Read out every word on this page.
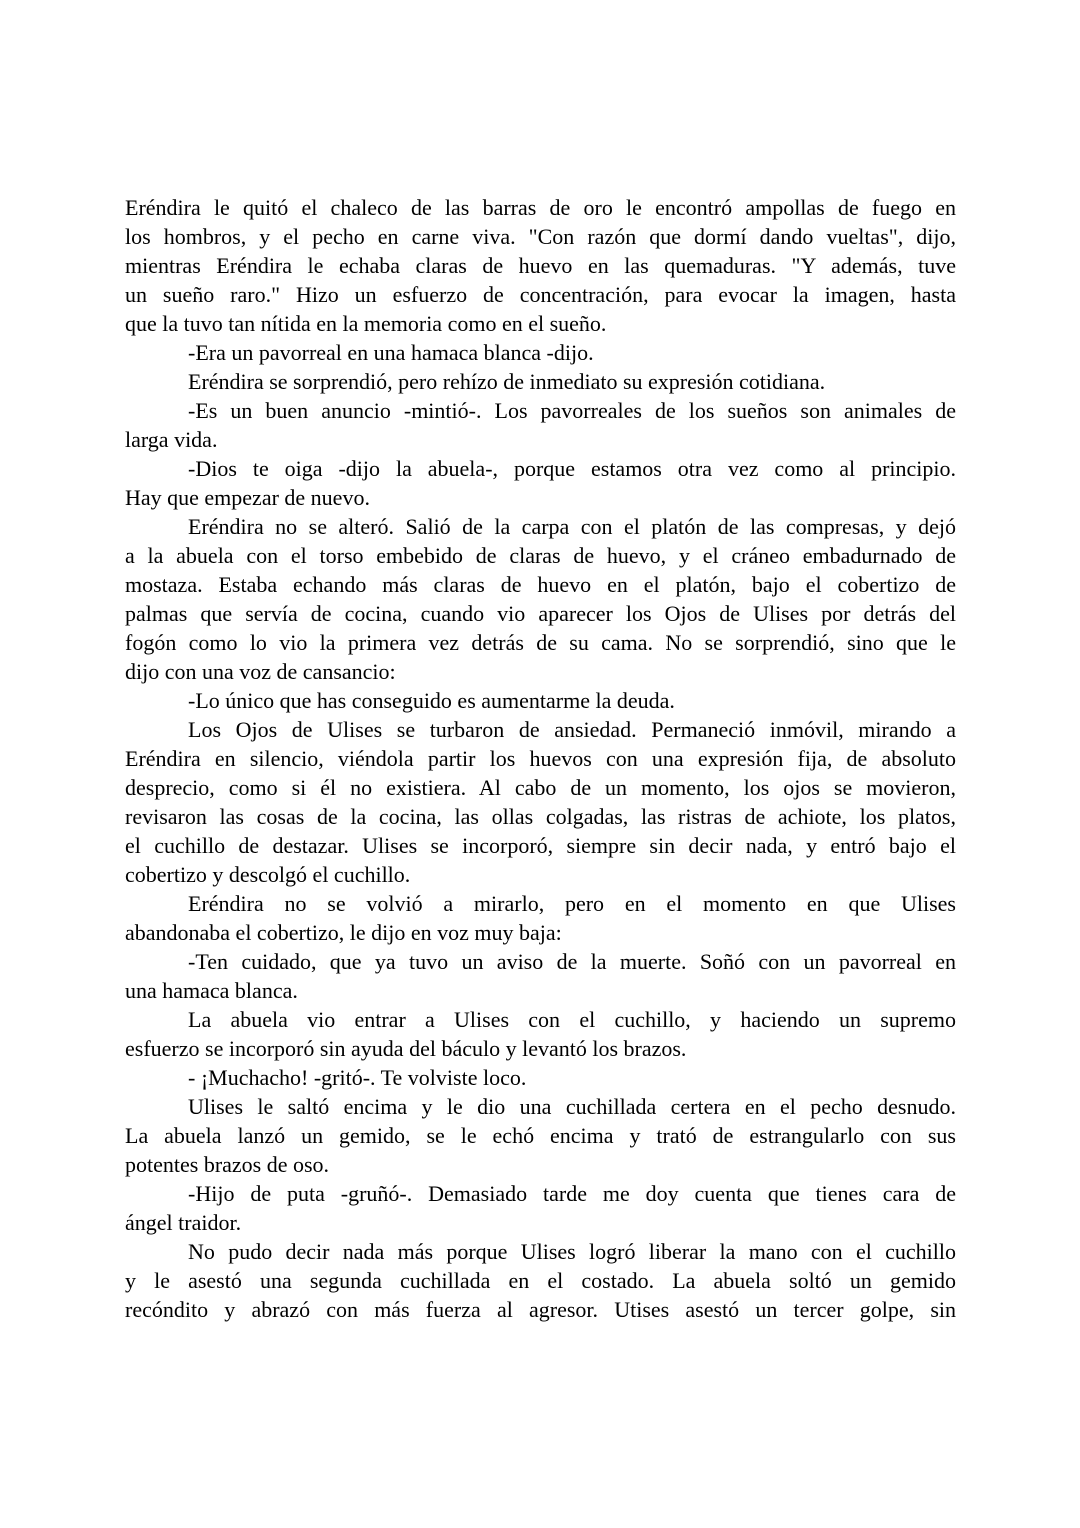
Eréndira le quitó el chaleco de las barras de oro le encontró ampollas de fuego en
los hombros, y el pecho en carne viva. "Con razón que dormí dando vueltas", dijo,
mientras Eréndira le echaba claras de huevo en las quemaduras. "Y además, tuve
un sueño raro." Hizo un esfuerzo de concentración, para evocar la imagen, hasta
que la tuvo tan nítida en la memoria como en el sueño.
-Era un pavorreal en una hamaca blanca -dijo.
Eréndira se sorprendió, pero rehízo de inmediato su expresión cotidiana.
-Es un buen anuncio -mintió-. Los pavorreales de los sueños son animales de
larga vida.
-Dios te oiga -dijo la abuela-, porque estamos otra vez como al principio.
Hay que empezar de nuevo.
Eréndira no se alteró. Salió de la carpa con el platón de las compresas, y dejó
a la abuela con el torso embebido de claras de huevo, y el cráneo embadurnado de
mostaza. Estaba echando más claras de huevo en el platón, bajo el cobertizo de
palmas que servía de cocina, cuando vio aparecer los Ojos de Ulises por detrás del
fogón como lo vio la primera vez detrás de su cama. No se sorprendió, sino que le
dijo con una voz de cansancio:
-Lo único que has conseguido es aumentarme la deuda.
Los Ojos de Ulises se turbaron de ansiedad. Permaneció inmóvil, mirando a
Eréndira en silencio, viéndola partir los huevos con una expresión fija, de absoluto
desprecio, como si él no existiera. Al cabo de un momento, los ojos se movieron,
revisaron las cosas de la cocina, las ollas colgadas, las ristras de achiote, los platos,
el cuchillo de destazar. Ulises se incorporó, siempre sin decir nada, y entró bajo el
cobertizo y descolgó el cuchillo.
Eréndira no se volvió a mirarlo, pero en el momento en que Ulises
abandonaba el cobertizo, le dijo en voz muy baja:
-Ten cuidado, que ya tuvo un aviso de la muerte. Soñó con un pavorreal en
una hamaca blanca.
La abuela vio entrar a Ulises con el cuchillo, y haciendo un supremo
esfuerzo se incorporó sin ayuda del báculo y levantó los brazos.
- ¡Muchacho! -gritó-. Te volviste loco.
Ulises le saltó encima y le dio una cuchillada certera en el pecho desnudo.
La abuela lanzó un gemido, se le echó encima y trató de estrangularlo con sus
potentes brazos de oso.
-Hijo de puta -gruñó-. Demasiado tarde me doy cuenta que tienes cara de
ángel traidor.
No pudo decir nada más porque Ulises logró liberar la mano con el cuchillo
y le asestó una segunda cuchillada en el costado. La abuela soltó un gemido
recóndito y abrazó con más fuerza al agresor. Utises asestó un tercer golpe, sin
